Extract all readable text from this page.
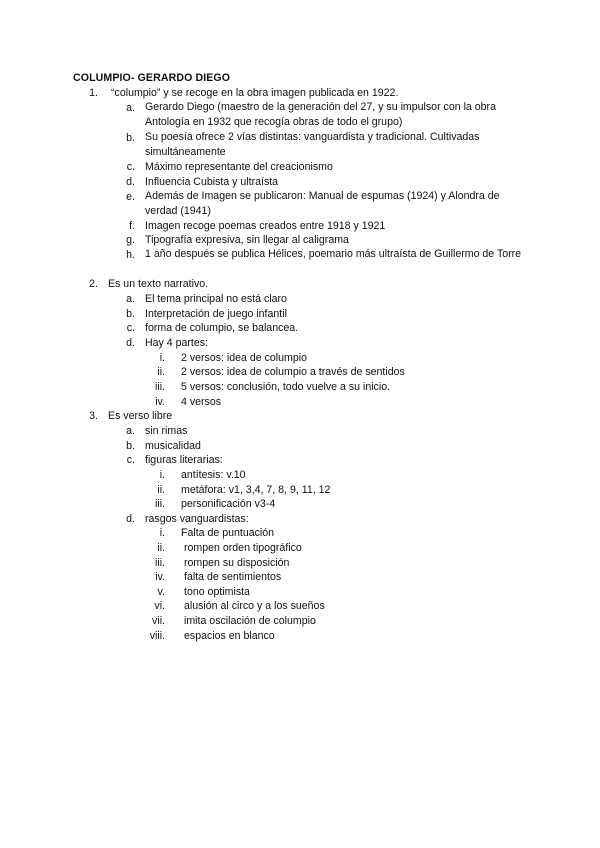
COLUMPIO- GERARDO DIEGO
1. “columpio” y se recoge en la obra imagen publicada en 1922.
a. Gerardo Diego (maestro de la generación del 27, y su impulsor con la obra Antología en 1932 que recogía obras de todo el grupo)
b. Su poesía ofrece 2 vías distintas: vanguardista y tradicional. Cultivadas simultáneamente
c. Máximo representante del creacionismo
d. Influencia Cubista y ultraísta
e. Además de Imagen se publicaron: Manual de espumas (1924) y Alondra de verdad (1941)
f. Imagen recoge poemas creados entre 1918 y 1921
g. Tipografía expresiva, sin llegar al caligrama
h. 1 año después se publica Hélices, poemario más ultraísta de Guillermo de Torre
2. Es un texto narrativo.
a. El tema principal no está claro
b. Interpretación de juego infantil
c. forma de columpio, se balancea.
d. Hay 4 partes:
i. 2 versos: idea de columpio
ii. 2 versos: idea de columpio a través de sentidos
iii. 5 versos: conclusión, todo vuelve a su inicio.
iv. 4 versos
3. Es verso libre
a. sin rimas
b. musicalidad
c. figuras literarias:
i. antítesis: v.10
ii. metáfora: v1, 3,4, 7, 8, 9, 11, 12
iii. personificación v3-4
d. rasgos vanguardistas:
i. Falta de puntuación
ii. rompen orden tipográfico
iii. rompen su disposición
iv. falta de sentimientos
v. tono optimista
vi. alusión al circo y a los sueños
vii. imita oscilación de columpio
viii. espacios en blanco
